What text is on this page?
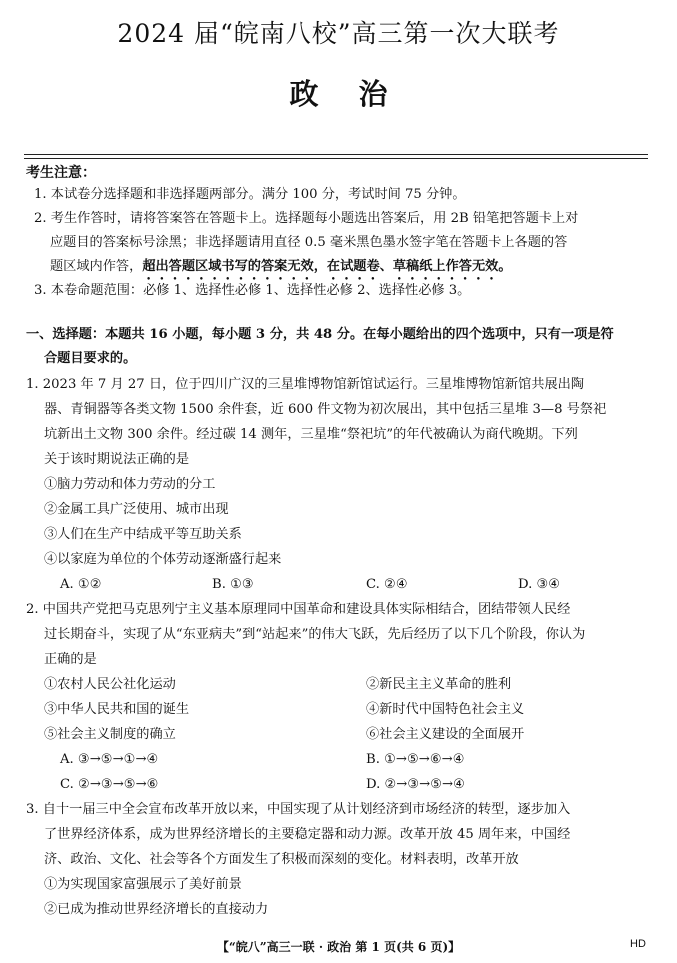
2024 届“皖南八校”高三第一次大联考
政治
考生注意：
1. 本试卷分选择题和非选择题两部分。满分 100 分，考试时间 75 分钟。
2. 考生作答时，请将答案答在答题卡上。选择题每小题选出答案后，用 2B 铅笔把答题卡上对
应题目的答案标号涂黑；非选择题请用直径 0.5 毫米黑色墨水签字笔在答题卡上各题的答
题区域内作答，超出答题区域书写的答案无效，在试题卷、草稿纸上作答无效。
3. 本卷命题范围：必修 1、选择性必修 1、选择性必修 2、选择性必修 3。
一、选择题：本题共 16 小题，每小题 3 分，共 48 分。在每小题给出的四个选项中，只有一项是符
合题目要求的。
1. 2023 年 7 月 27 日，位于四川广汉的三星堆博物馆新馆试运行。三星堆博物馆新馆共展出陶
器、青铜器等各类文物 1500 余件套，近 600 件文物为初次展出，其中包括三星堆 3—8 号祭祀
坑新出土文物 300 余件。经过碳 14 测年，三星堆“祭祀坑”的年代被确认为商代晚期。下列
关于该时期说法正确的是
①脑力劳动和体力劳动的分工
②金属工具广泛使用、城市出现
③人们在生产中结成平等互助关系
④以家庭为单位的个体劳动逐渐盛行起来
A. ①②	B. ①③	C. ②④	D. ③④
2. 中国共产党把马克思列宁主义基本原理同中国革命和建设具体实际相结合，团结带领人民经
过长期奋斗，实现了从“东亚病夫”到“站起来”的伟大飞跃，先后经历了以下几个阶段，你认为
正确的是
①农村人民公社化运动	②新民主主义革命的胜利
③中华人民共和国的诞生	④新时代中国特色社会主义
⑤社会主义制度的确立	⑥社会主义建设的全面展开
A. ③→⑤→①→④	B. ①→⑤→⑥→④
C. ②→③→⑤→⑥	D. ②→③→⑤→④
3. 自十一届三中全会宣布改革开放以来，中国实现了从计划经济到市场经济的转型，逐步加入
了世界经济体系，成为世界经济增长的主要稳定器和动力源。改革开放 45 周年来，中国经
济、政治、文化、社会等各个方面发生了积极而深刻的变化。材料表明，改革开放
①为实现国家富强展示了美好前景
②已成为推动世界经济增长的直接动力
【“皖八”高三一联 · 政治 第 1 页(共 6 页)】	HD
